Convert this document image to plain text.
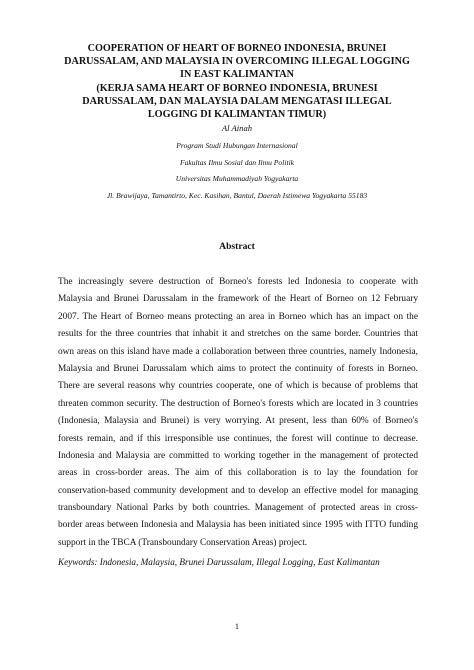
COOPERATION OF HEART OF BORNEO INDONESIA, BRUNEI
DARUSSALAM, AND MALAYSIA IN OVERCOMING ILLEGAL LOGGING
IN EAST KALIMANTAN
(KERJA SAMA HEART OF BORNEO INDONESIA, BRUNESI
DARUSSALAM, DAN MALAYSIA DALAM MENGATASI ILLEGAL
LOGGING DI KALIMANTAN TIMUR)

Al Ainah

Program Studi Hubungan Internasional

Fakultas Ilmu Sosial dan Ilmu Politik

Universitas Muhammadiyah Yogyakarta

Jl. Brawijaya, Tamantirto, Kec. Kasihan, Bantul, Daerah Istimewa Yogyakarta 55183

Abstract
The increasingly severe destruction of Borneo's forests led Indonesia to cooperate with
Malaysia and Brunei Darussalam in the framework of the Heart of Borneo on 12 February
2007. The Heart of Borneo means protecting an area in Borneo which has an impact on the
results for the three countries that inhabit it and stretches on the same border. Countries that
own areas on this island have made a collaboration between three countries, namely Indonesia,
Malaysia and Brunei Darussalam which aims to protect the continuity of forests in Borneo.
There are several reasons why countries cooperate, one of which is because of problems that
threaten common security. The destruction of Borneo's forests which are located in 3 countries
(Indonesia, Malaysia and Brunei) is very worrying. At present, less than 60% of Borneo's
forests remain, and if this irresponsible use continues, the forest will continue to decrease.
Indonesia and Malaysia are committed to working together in the management of protected
areas in cross-border areas. The aim of this collaboration is to lay the foundation for
conservation-based community development and to develop an effective model for managing
transboundary National Parks by both countries. Management of protected areas in cross-
border areas between Indonesia and Malaysia has been initiated since 1995 with ITTO funding
support in the TBCA (Transboundary Conservation Areas) project.

Keywords: Indonesia, Malaysia, Brunei Darussalam, Illegal Logging, East Kalimantan

1
